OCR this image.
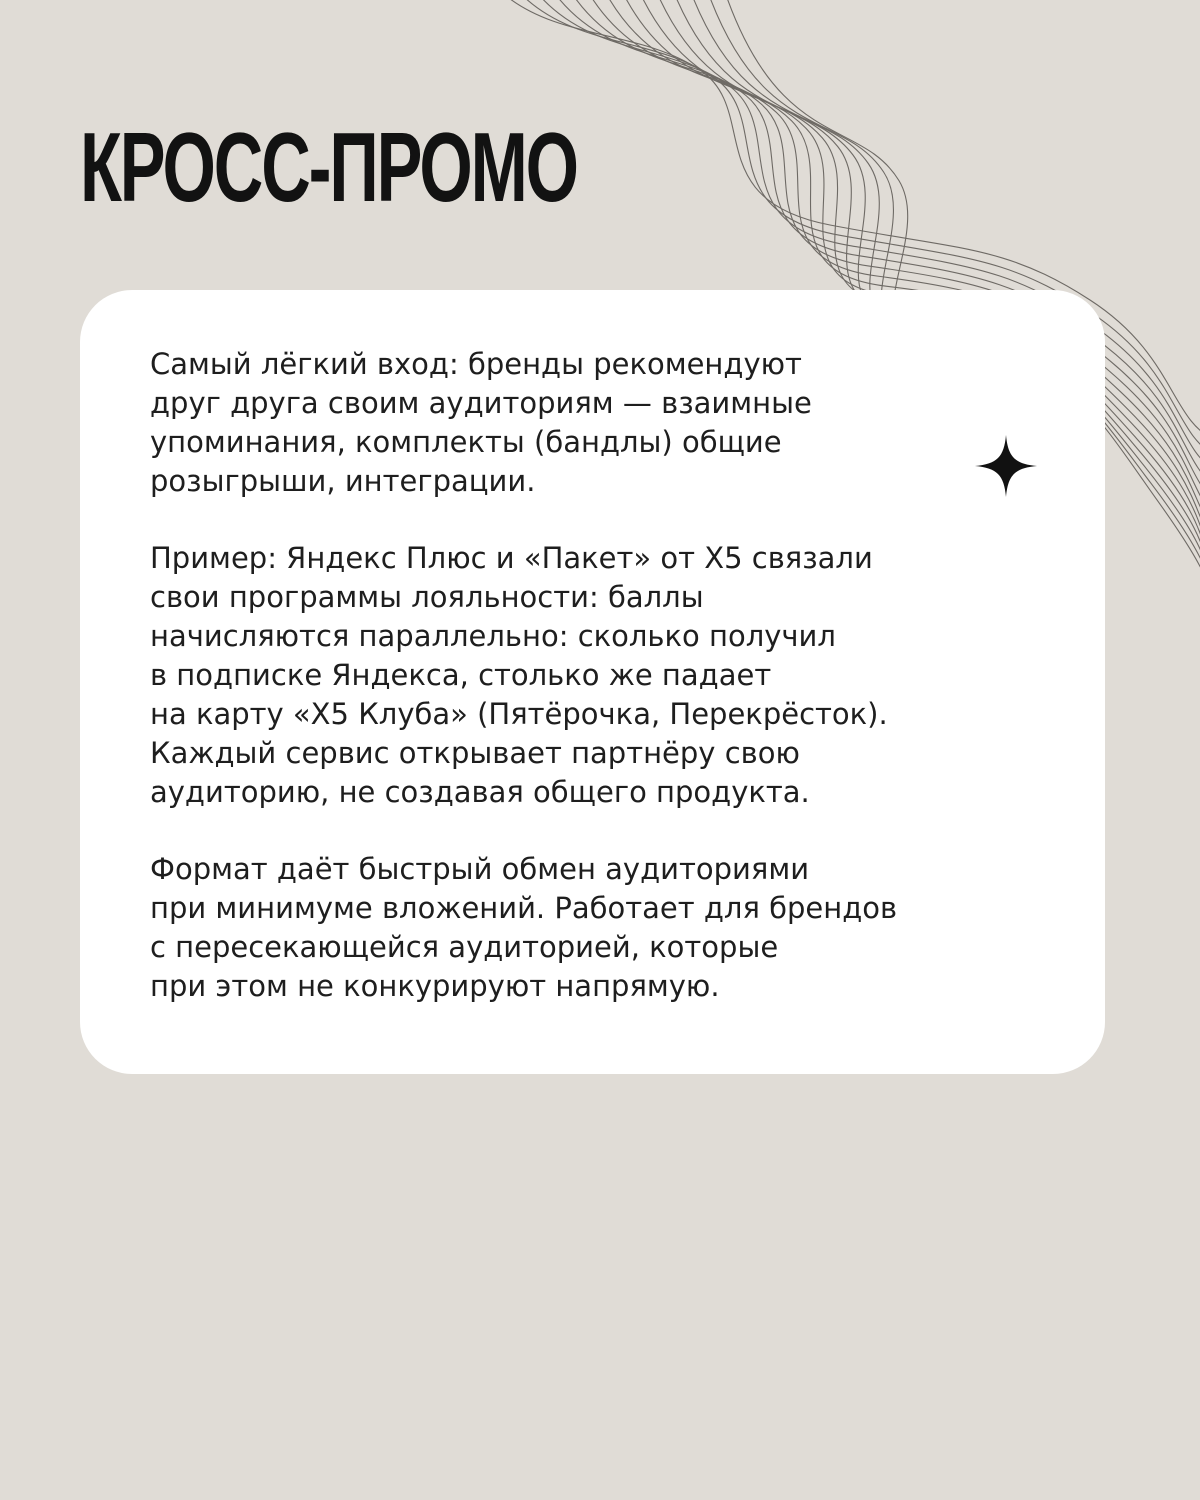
КРОСС-ПРОМО

Самый лёгкий вход: бренды рекомендуют
друг друга своим аудиториям — взаимные
упоминания, комплекты (бандлы) общие
розыгрыши, интеграции.

Пример: Яндекс Плюс и «Пакет» от Х5 связали
свои программы лояльности: баллы
начисляются параллельно: сколько получил
в подписке Яндекса, столько же падает
на карту «Х5 Клуба» (Пятёрочка, Перекрёсток).
Каждый сервис открывает партнёру свою
аудиторию, не создавая общего продукта.

Формат даёт быстрый обмен аудиториями
при минимуме вложений. Работает для брендов
с пересекающейся аудиторией, которые
при этом не конкурируют напрямую.
